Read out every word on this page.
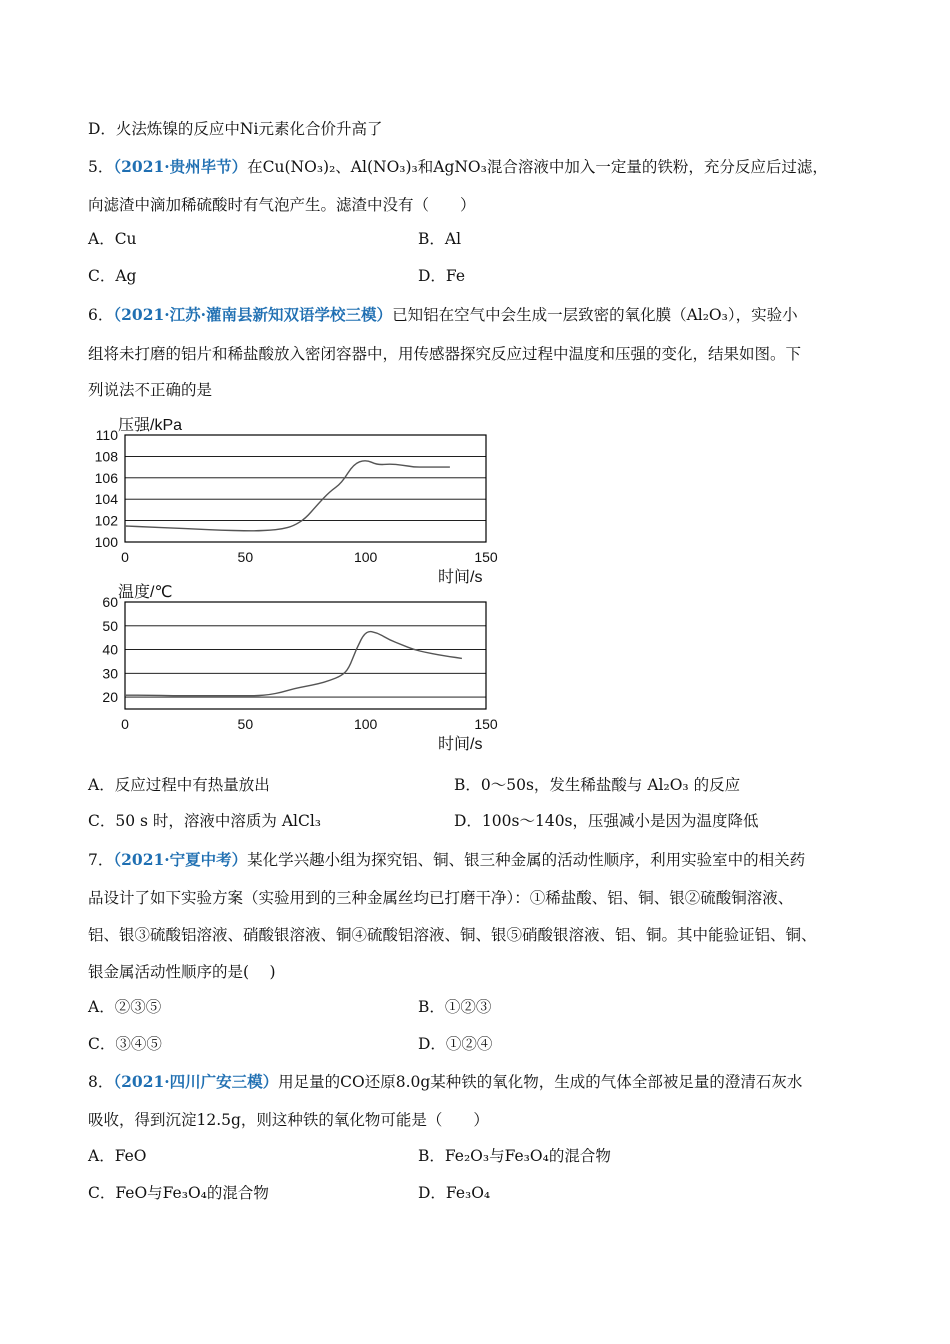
D．火法炼镍的反应中Ni元素化合价升高了
5．（2021·贵州毕节）在Cu(NO₃)₂、Al(NO₃)₃和AgNO₃混合溶液中加入一定量的铁粉，充分反应后过滤，
向滤渣中滴加稀硫酸时有气泡产生。滤渣中没有（　　）
A．Cu	B．Al
C．Ag	D．Fe
6．（2021·江苏·灌南县新知双语学校三模）已知铝在空气中会生成一层致密的氧化膜（Al₂O₃），实验小
组将未打磨的铝片和稀盐酸放入密闭容器中，用传感器探究反应过程中温度和压强的变化，结果如图。下
列说法不正确的是
100
102
104
106
108
110
0	50	100	150
压强/kPa
时间/s
20
30
40
50
60
0	50	100	150
温度/℃
时间/s
A．反应过程中有热量放出	B．0～50s，发生稀盐酸与 Al₂O₃ 的反应
C．50 s 时，溶液中溶质为 AlCl₃	D．100s～140s，压强减小是因为温度降低
7．（2021·宁夏中考）某化学兴趣小组为探究铝、铜、银三种金属的活动性顺序，利用实验室中的相关药
品设计了如下实验方案（实验用到的三种金属丝均已打磨干净）：①稀盐酸、铝、铜、银②硫酸铜溶液、
铝、银③硫酸铝溶液、硝酸银溶液、铜④硫酸铝溶液、铜、银⑤硝酸银溶液、铝、铜。其中能验证铝、铜、
银金属活动性顺序的是(　 )
A．②③⑤	B．①②③
C．③④⑤	D．①②④
8．（2021·四川广安三模）用足量的CO还原8.0g某种铁的氧化物，生成的气体全部被足量的澄清石灰水
吸收，得到沉淀12.5g，则这种铁的氧化物可能是（　　）
A．FeO	B．Fe₂O₃与Fe₃O₄的混合物
C．FeO与Fe₃O₄的混合物	D．Fe₃O₄
